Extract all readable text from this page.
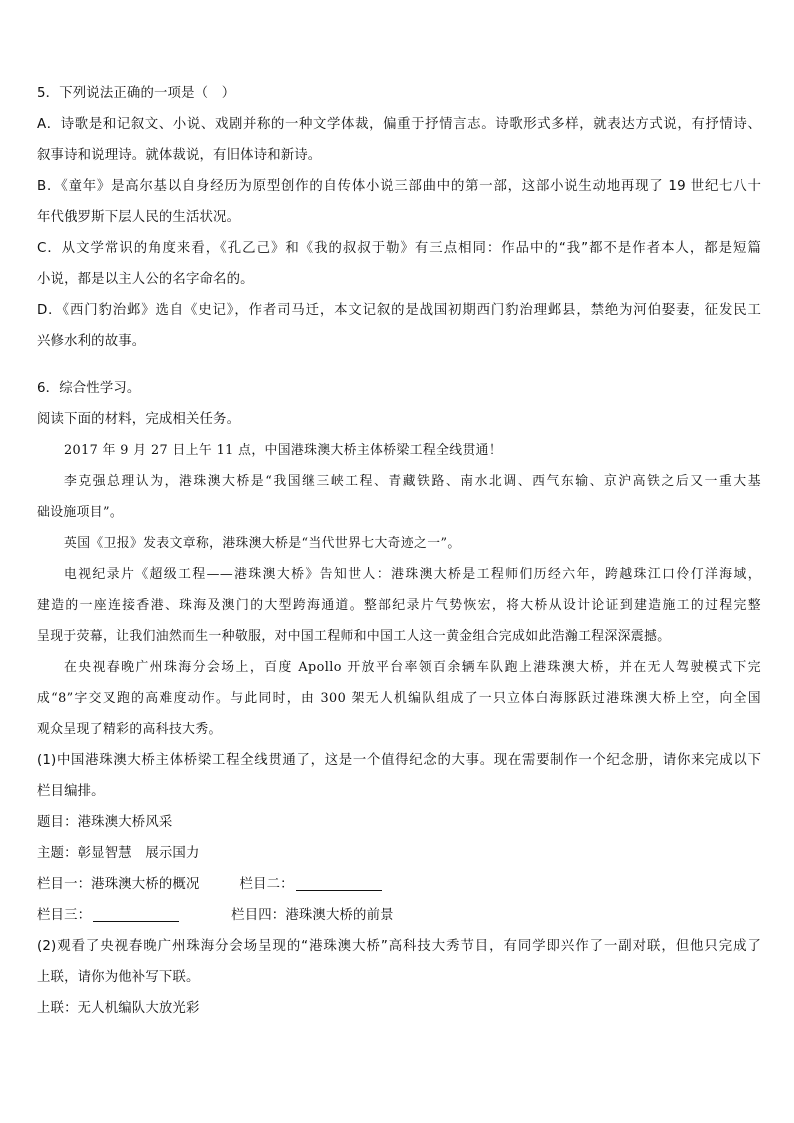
5．下列说法正确的一项是（　）
A．诗歌是和记叙文、小说、戏剧并称的一种文学体裁，偏重于抒情言志。诗歌形式多样，就表达方式说，有抒情诗、
叙事诗和说理诗。就体裁说，有旧体诗和新诗。
B．《童年》是高尔基以自身经历为原型创作的自传体小说三部曲中的第一部，这部小说生动地再现了 19 世纪七八十
年代俄罗斯下层人民的生活状况。
C．从文学常识的角度来看，《孔乙己》和《我的叔叔于勒》有三点相同：作品中的“我”都不是作者本人，都是短篇
小说，都是以主人公的名字命名的。
D．《西门豹治邺》选自《史记》，作者司马迁，本文记叙的是战国初期西门豹治理邺县，禁绝为河伯娶妻，征发民工
兴修水利的故事。
6．综合性学习。
阅读下面的材料，完成相关任务。
2017 年 9 月 27 日上午 11 点，中国港珠澳大桥主体桥梁工程全线贯通！
李克强总理认为，港珠澳大桥是“我国继三峡工程、青藏铁路、南水北调、西气东输、京沪高铁之后又一重大基
础设施项目”。
英国《卫报》发表文章称，港珠澳大桥是“当代世界七大奇迹之一”。
电视纪录片《超级工程——港珠澳大桥》告知世人：港珠澳大桥是工程师们历经六年，跨越珠江口伶仃洋海域，
建造的一座连接香港、珠海及澳门的大型跨海通道。整部纪录片气势恢宏，将大桥从设计论证到建造施工的过程完整
呈现于荧幕，让我们油然而生一种敬服，对中国工程师和中国工人这一黄金组合完成如此浩瀚工程深深震撼。
在央视春晚广州珠海分会场上，百度 Apollo 开放平台率领百余辆车队跑上港珠澳大桥，并在无人驾驶模式下完
成“8”字交叉跑的高难度动作。与此同时，由 300 架无人机编队组成了一只立体白海豚跃过港珠澳大桥上空，向全国
观众呈现了精彩的高科技大秀。
(1)中国港珠澳大桥主体桥梁工程全线贯通了，这是一个值得纪念的大事。现在需要制作一个纪念册，请你来完成以下
栏目编排。
题目：港珠澳大桥风采
主题：彰显智慧　展示国力
栏目一：港珠澳大桥的概况	栏目二：
栏目三：	栏目四：港珠澳大桥的前景
(2)观看了央视春晚广州珠海分会场呈现的“港珠澳大桥”高科技大秀节目，有同学即兴作了一副对联，但他只完成了
上联，请你为他补写下联。
上联：无人机编队大放光彩
